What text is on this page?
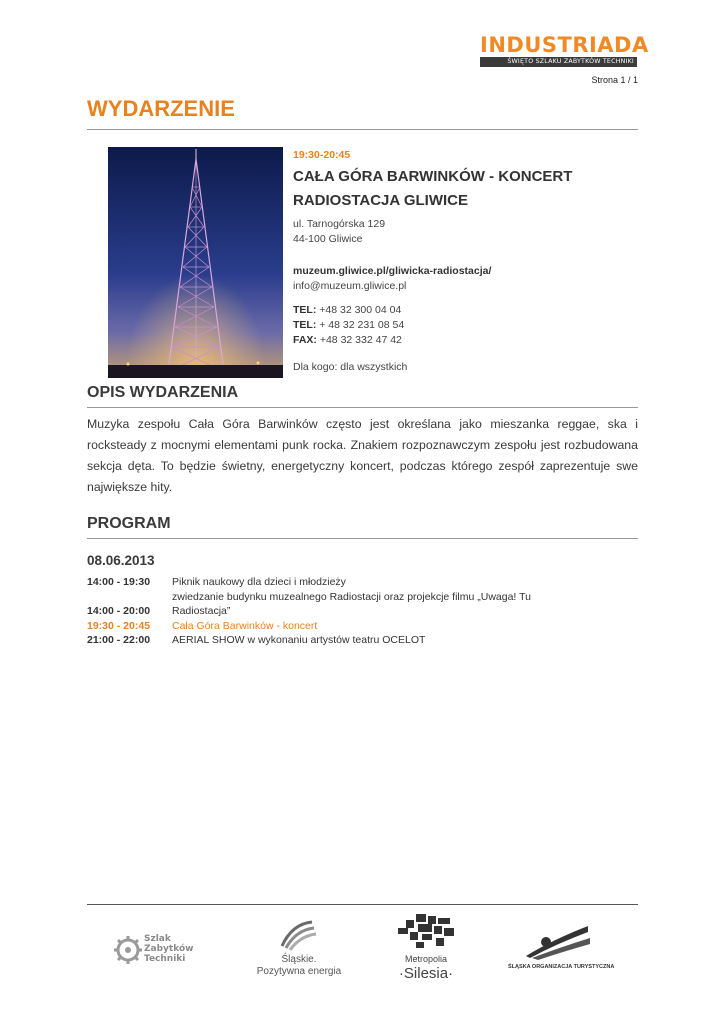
INDUSTRIADA
ŚWIĘTO SZLAKU ZABYTKÓW TECHNIKI
Strona 1 / 1
WYDARZENIE
19:30-20:45
CAŁA GÓRA BARWINKÓW - KONCERT
RADIOSTACJA GLIWICE
ul. Tarnogórska 129
44-100 Gliwice
muzeum.gliwice.pl/gliwicka-radiostacja/
info@muzeum.gliwice.pl
TEL: +48 32 300 04 04
TEL: + 48 32 231 08 54
FAX: +48 32 332 47 42
Dla kogo: dla wszystkich
OPIS WYDARZENIA
Muzyka zespołu Cała Góra Barwinków często jest określana jako mieszanka reggae, ska i rocksteady z mocnymi elementami punk rocka. Znakiem rozpoznawczym zespołu jest rozbudowana sekcja dęta. To będzie świetny, energetyczny koncert, podczas którego zespół zaprezentuje swe największe hity.
PROGRAM
08.06.2013
14:00 - 19:30 Piknik naukowy dla dzieci i młodzieży
zwiedzanie budynku muzealnego Radiostacji oraz projekcje filmu „Uwaga! Tu
14:00 - 20:00 Radiostacja”
19:30 - 20:45 Cała Góra Barwinków - koncert
21:00 - 22:00 AERIAL SHOW w wykonaniu artystów teatru OCELOT
Szlak
Zabytków
Techniki	Śląskie.
Pozytywna energia
Metropolia
·Silesia·	ŚLĄSKA ORGANIZACJA TURYSTYCZNA
